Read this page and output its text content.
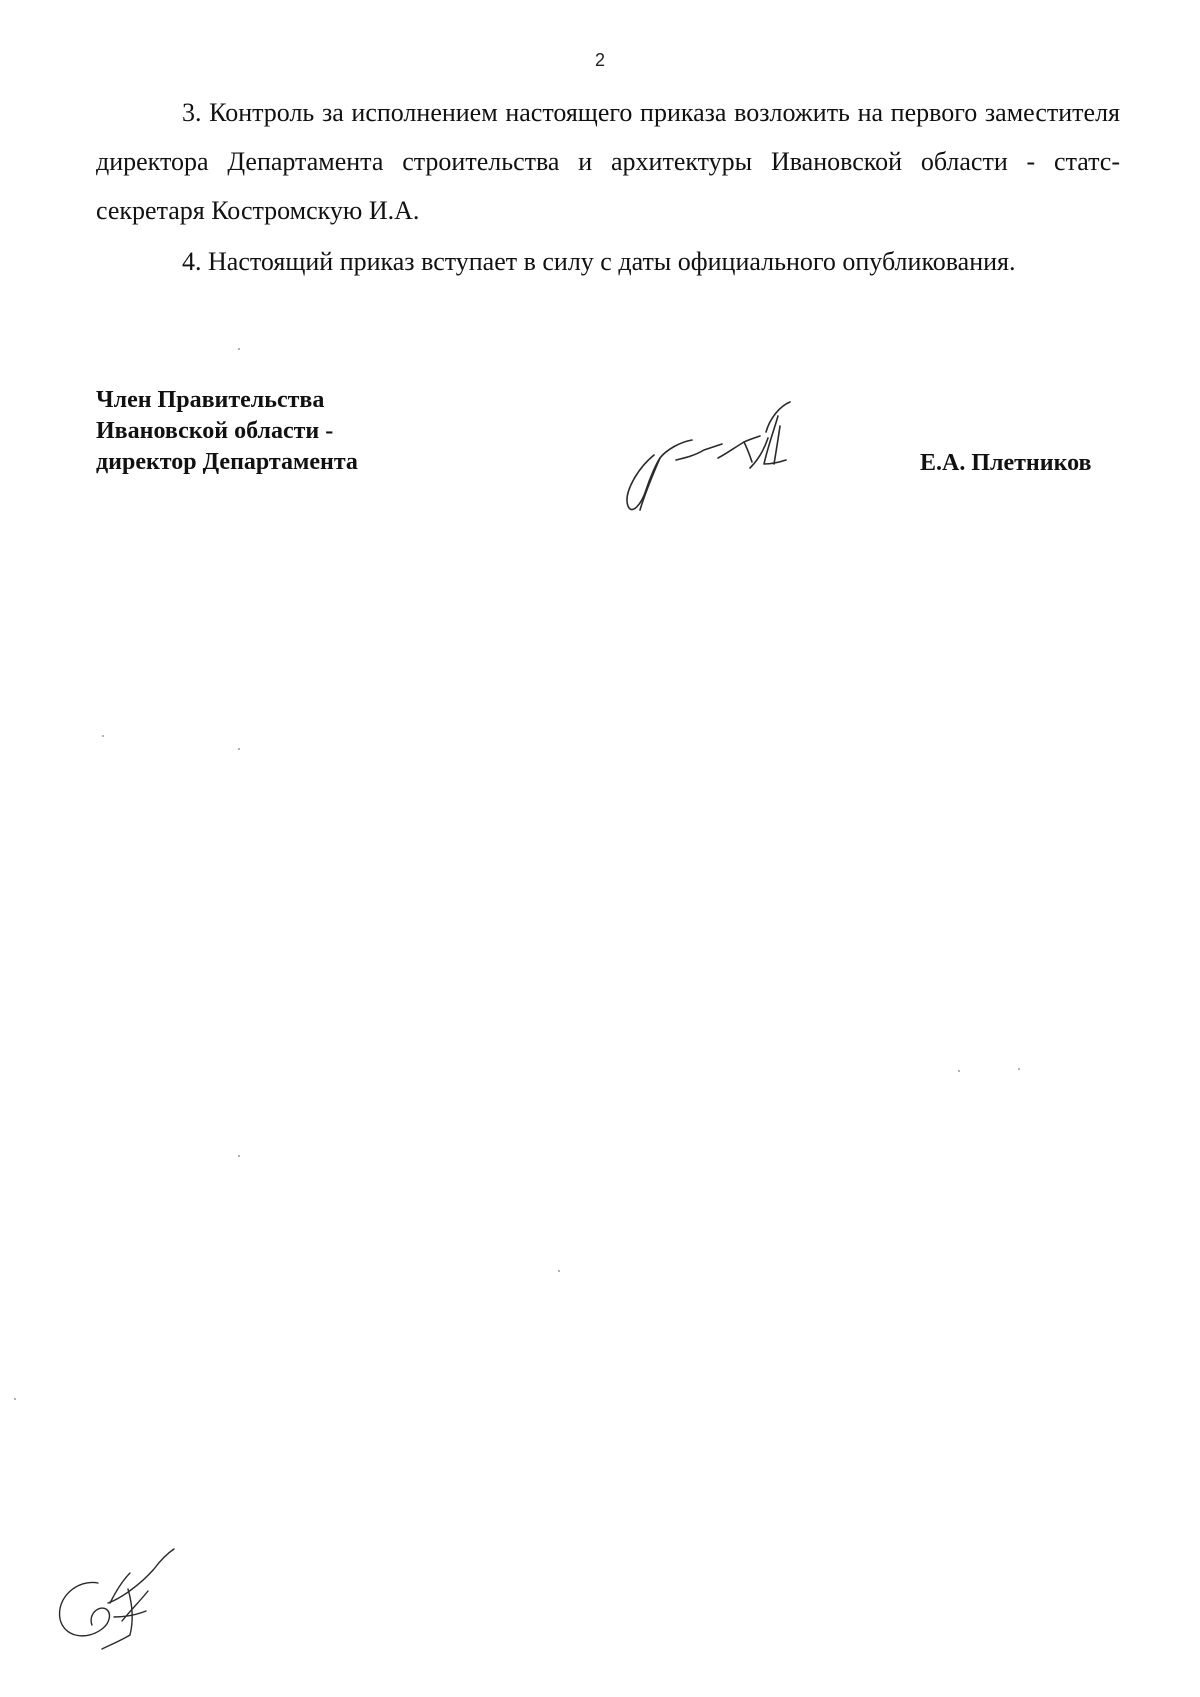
2

3. Контроль за исполнением настоящего приказа возложить на первого заместителя директора Департамента строительства и архитектуры Ивановской области - статс-секретаря Костромскую И.А.

4. Настоящий приказ вступает в силу с даты официального опубликования.

Член Правительства
Ивановской области -
директор Департамента	Е.А. Плетников
